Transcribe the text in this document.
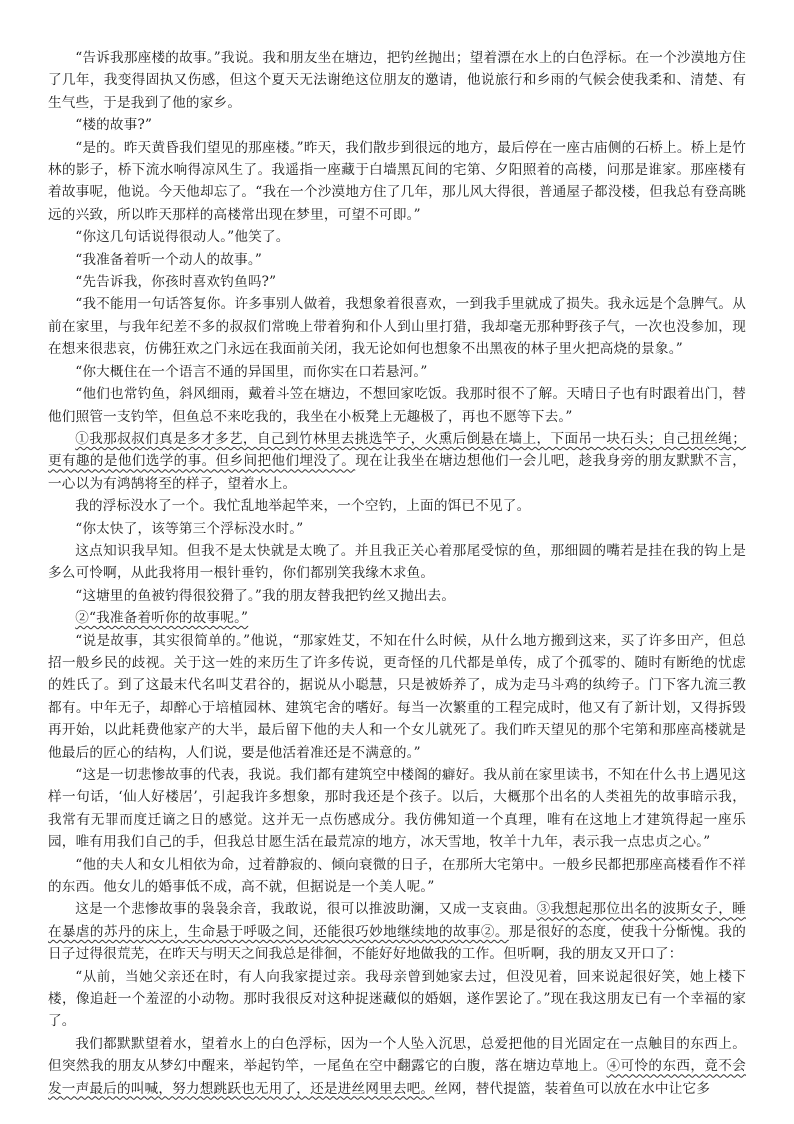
“告诉我那座楼的故事。”我说。我和朋友坐在塘边，把钓丝抛出；望着漂在水上的白色浮标。在一个沙漠地方住了几年，我变得固执又伤感，但这个夏天无法谢绝这位朋友的邀请，他说旅行和乡雨的气候会使我柔和、清楚、有生气些，于是我到了他的家乡。

“楼的故事?”

“是的。昨天黄昏我们望见的那座楼。”昨天，我们散步到很远的地方，最后停在一座古庙侧的石桥上。桥上是竹林的影子，桥下流水响得凉风生了。我遥指一座藏于白墙黑瓦间的宅第、夕阳照着的高楼，问那是谁家。那座楼有着故事呢，他说。今天他却忘了。“我在一个沙漠地方住了几年，那儿风大得很，普通屋子都没楼，但我总有登高眺远的兴致，所以昨天那样的高楼常出现在梦里，可望不可即。”

“你这几句话说得很动人。”他笑了。

“我准备着听一个动人的故事。”

“先告诉我，你孩时喜欢钓鱼吗?”

“我不能用一句话答复你。许多事别人做着，我想象着很喜欢，一到我手里就成了损失。我永远是个急脾气。从前在家里，与我年纪差不多的叔叔们常晚上带着狗和仆人到山里打猎，我却毫无那种野孩子气，一次也没参加，现在想来很悲哀，仿佛狂欢之门永远在我面前关闭，我无论如何也想象不出黑夜的林子里火把高烧的景象。”

“你大概住在一个语言不通的异国里，而你实在口若悬河。”

“他们也常钓鱼，斜风细雨，戴着斗笠在塘边，不想回家吃饭。我那时很不了解。天晴日子也有时跟着出门，替他们照管一支钓竿，但鱼总不来吃我的，我坐在小板凳上无趣极了，再也不愿等下去。”

①我那叔叔们真是多才多艺，自己到竹林里去挑选竿子，火熏后倒悬在墙上，下面吊一块石头；自己扭丝绳；更有趣的是他们选学的事。但乡间把他们埋没了。现在让我坐在塘边想他们一会儿吧，趁我身旁的朋友默默不言，一心以为有鸿鹄将至的样子，望着水上。

我的浮标没水了一个。我忙乱地举起竿来，一个空钓，上面的饵已不见了。

“你太快了，该等第三个浮标没水时。”

这点知识我早知。但我不是太快就是太晚了。并且我正关心着那尾受惊的鱼，那细圆的嘴若是挂在我的钩上是多么可怜啊，从此我将用一根针垂钓，你们都别笑我缘木求鱼。

“这塘里的鱼被钓得很狡猾了。”我的朋友替我把钓丝又抛出去。

②“我准备着听你的故事呢。”

“说是故事，其实很简单的。”他说，“那家姓艾，不知在什么时候，从什么地方搬到这来，买了许多田产，但总招一般乡民的歧视。关于这一姓的来历生了许多传说，更奇怪的几代都是单传，成了个孤零的、随时有断绝的忧虑的姓氏了。到了这最末代名叫艾君谷的，据说从小聪慧，只是被娇养了，成为走马斗鸡的纨绔子。门下客九流三教都有。中年无子，却醉心于培植园林、建筑宅舍的嗜好。每当一次繁重的工程完成时，他又有了新计划，又得拆毁再开始，以此耗费他家产的大半，最后留下他的夫人和一个女儿就死了。我们昨天望见的那个宅第和那座高楼就是他最后的匠心的结构，人们说，要是他活着准还是不满意的。”

“这是一切悲惨故事的代表，我说。我们都有建筑空中楼阁的癖好。我从前在家里读书，不知在什么书上遇见这样一句话，‘仙人好楼居’，引起我许多想象，那时我还是个孩子。以后，大概那个出名的人类祖先的故事暗示我，我常有无罪而度迁谪之日的感觉。这并无一点伤感成分。我仿佛知道一个真理，唯有在这地上才建筑得起一座乐园，唯有用我们自己的手，但我总甘愿生活在最荒凉的地方，冰天雪地，牧羊十九年，表示我一点忠贞之心。”

“他的夫人和女儿相依为命，过着静寂的、倾向衰微的日子，在那所大宅第中。一般乡民都把那座高楼看作不祥的东西。他女儿的婚事低不成，高不就，但据说是一个美人呢。”

这是一个悲惨故事的袅袅余音，我敢说，很可以推波助澜，又成一支哀曲。③我想起那位出名的波斯女子，睡在暴虐的苏丹的床上，生命悬于呼吸之间，还能很巧妙地继续地的故事②。那是很好的态度，使我十分惭愧。我的日子过得很荒芜，在昨天与明天之间我总是徘徊，不能好好地做我的工作。但听啊，我的朋友又开口了：

“从前，当她父亲还在时，有人向我家提过亲。我母亲曾到她家去过，但没见着，回来说起很好笑，她上楼下楼，像追赶一个羞涩的小动物。那时我很反对这种捉迷藏似的婚姻，遂作罢论了。”现在我这朋友已有一个幸福的家了。

我们都默默望着水，望着水上的白色浮标，因为一个人坠入沉思，总爱把他的目光固定在一点触目的东西上。但突然我的朋友从梦幻中醒来，举起钓竿，一尾鱼在空中翻露它的白腹，落在塘边草地上。④可怜的东西，竟不会发一声最后的叫喊，努力想跳跃也无用了，还是进丝网里去吧。丝网，替代提篮，装着鱼可以放在水中让它多
